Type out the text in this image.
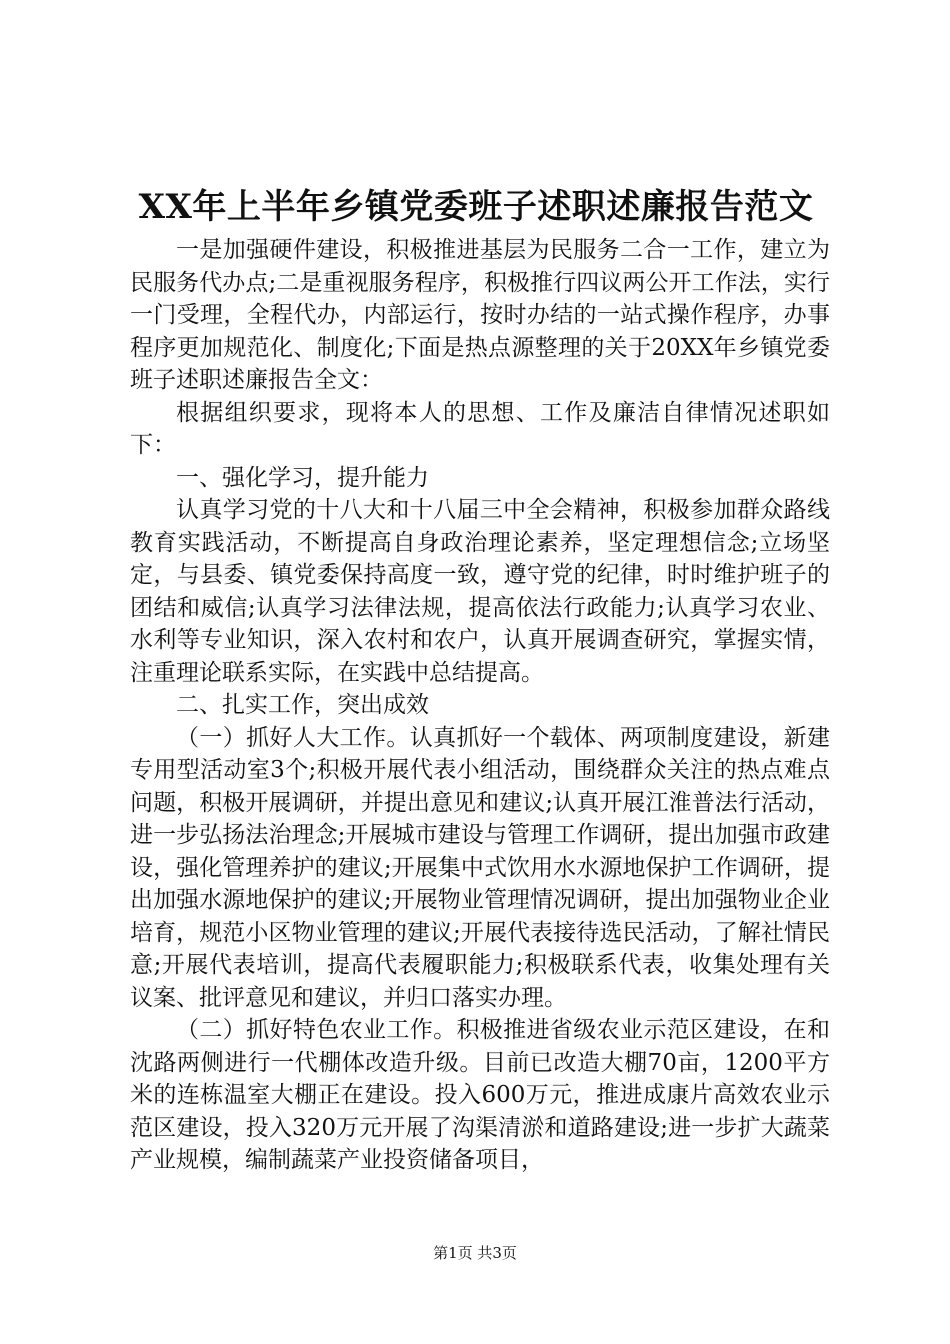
XX年上半年乡镇党委班子述职述廉报告范文

一是加强硬件建设，积极推进基层为民服务二合一工作，建立为民服务代办点;二是重视服务程序，积极推行四议两公开工作法，实行一门受理，全程代办，内部运行，按时办结的一站式操作程序，办事程序更加规范化、制度化;下面是热点源整理的关于20XX年乡镇党委班子述职述廉报告全文：

根据组织要求，现将本人的思想、工作及廉洁自律情况述职如下：

一、强化学习，提升能力

认真学习党的十八大和十八届三中全会精神，积极参加群众路线教育实践活动，不断提高自身政治理论素养，坚定理想信念;立场坚定，与县委、镇党委保持高度一致，遵守党的纪律，时时维护班子的团结和威信;认真学习法律法规，提高依法行政能力;认真学习农业、水利等专业知识，深入农村和农户，认真开展调查研究，掌握实情，注重理论联系实际，在实践中总结提高。

二、扎实工作，突出成效

（一）抓好人大工作。认真抓好一个载体、两项制度建设，新建专用型活动室3个;积极开展代表小组活动，围绕群众关注的热点难点问题，积极开展调研，并提出意见和建议;认真开展江淮普法行活动，进一步弘扬法治理念;开展城市建设与管理工作调研，提出加强市政建设，强化管理养护的建议;开展集中式饮用水水源地保护工作调研，提出加强水源地保护的建议;开展物业管理情况调研，提出加强物业企业培育，规范小区物业管理的建议;开展代表接待选民活动，了解社情民意;开展代表培训，提高代表履职能力;积极联系代表，收集处理有关议案、批评意见和建议，并归口落实办理。

（二）抓好特色农业工作。积极推进省级农业示范区建设，在和沈路两侧进行一代棚体改造升级。目前已改造大棚70亩，1200平方米的连栋温室大棚正在建设。投入600万元，推进成康片高效农业示范区建设，投入320万元开展了沟渠清淤和道路建设;进一步扩大蔬菜产业规模，编制蔬菜产业投资储备项目，

第1页 共3页
